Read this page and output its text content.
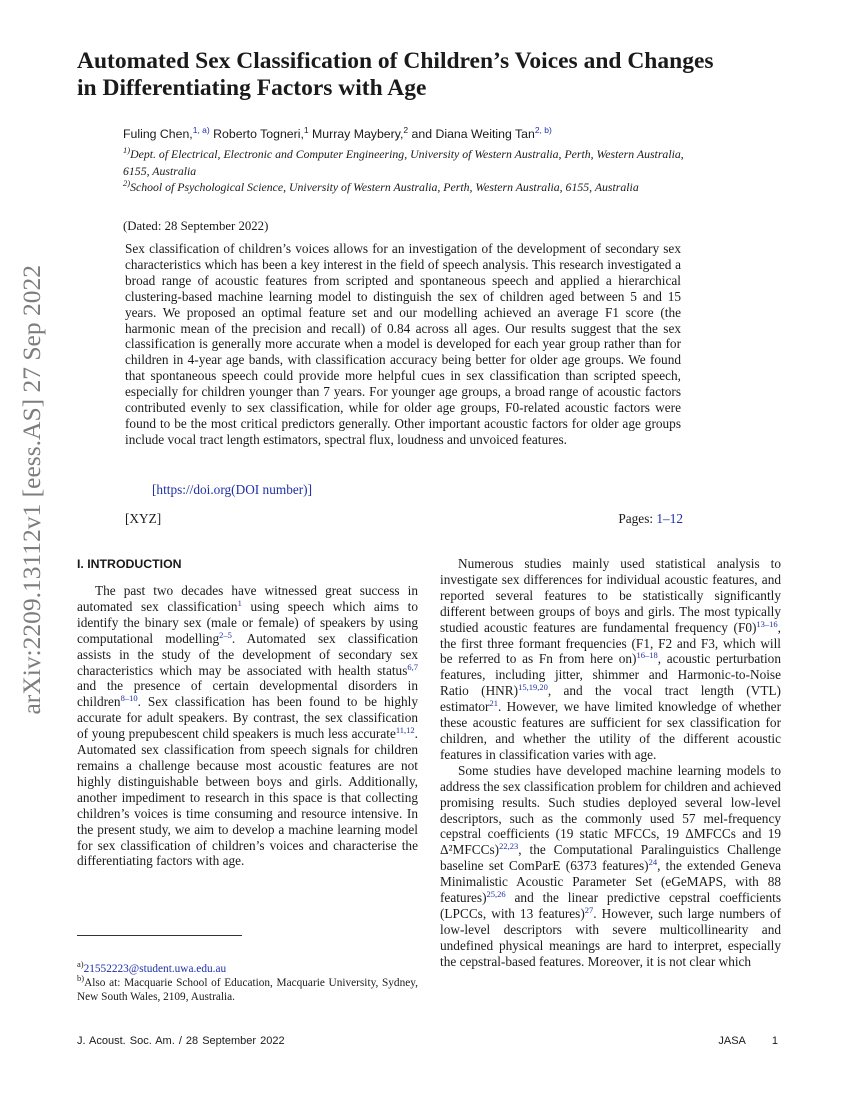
arXiv:2209.13112v1 [eess.AS] 27 Sep 2022
Automated Sex Classification of Children’s Voices and Changes in Differentiating Factors with Age
Fuling Chen,$^{1, a)}$ Roberto Togneri,$^1$ Murray Maybery,$^2$ and Diana Weiting Tan$^{2, b)}$
$^{1)}$Dept. of Electrical, Electronic and Computer Engineering, University of Western Australia, Perth, Western Australia, 6155, Australia
$^{2)}$School of Psychological Science, University of Western Australia, Perth, Western Australia, 6155, Australia
(Dated: 28 September 2022)

Sex classification of children’s voices allows for an investigation of the development of secondary sex characteristics which has been a key interest in the field of speech analysis. This research investigated a broad range of acoustic features from scripted and spontaneous speech and applied a hierarchical clustering-based machine learning model to distinguish the sex of children aged between 5 and 15 years. We proposed an optimal feature set and our modelling achieved an average F1 score (the harmonic mean of the precision and recall) of 0.84 across all ages. Our results suggest that the sex classification is generally more accurate when a model is developed for each year group rather than for children in 4-year age bands, with classification accuracy being better for older age groups. We found that spontaneous speech could provide more helpful cues in sex classification than scripted speech, especially for children younger than 7 years. For younger age groups, a broad range of acoustic factors contributed evenly to sex classification, while for older age groups, F0-related acoustic factors were found to be the most critical predictors generally. Other important acoustic factors for older age groups include vocal tract length estimators, spectral flux, loudness and unvoiced features.

[https://doi.org(DOI number)]
[XYZ]	Pages: 1–12
I. INTRODUCTION

The past two decades have witnessed great success in automated sex classification$^1$ using speech which aims to identify the binary sex (male or female) of speakers by using computational modelling$^{2-5}$. Automated sex classification assists in the study of the development of secondary sex characteristics which may be associated with health status$^{6,7}$ and the presence of certain developmental disorders in children$^{8-10}$. Sex classification has been found to be highly accurate for adult speakers. By contrast, the sex classification of young prepubescent child speakers is much less accurate$^{11,12}$. Automated sex classification from speech signals for children remains a challenge because most acoustic features are not highly distinguishable between boys and girls. Additionally, another impediment to research in this space is that collecting children’s voices is time consuming and resource intensive. In the present study, we aim to develop a machine learning model for sex classification of children’s voices and characterise the differentiating factors with age.

Numerous studies mainly used statistical analysis to investigate sex differences for individual acoustic features, and reported several features to be statistically significantly different between groups of boys and girls. The most typically studied acoustic features are fundamental frequency (F0)$^{13-16}$, the first three formant frequencies (F1, F2 and F3, which will be referred to as Fn from here on)$^{16-18}$, acoustic perturbation features, including jitter, shimmer and Harmonic-to-Noise Ratio (HNR)$^{15,19,20}$, and the vocal tract length (VTL) estimator$^{21}$. However, we have limited knowledge of whether these acoustic features are sufficient for sex classification for children, and whether the utility of the different acoustic features in classification varies with age.

Some studies have developed machine learning models to address the sex classification problem for children and achieved promising results. Such studies deployed several low-level descriptors, such as the commonly used 57 mel-frequency cepstral coefficients (19 static MFCCs, 19 ΔMFCCs and 19 Δ²MFCCs)$^{22,23}$, the Computational Paralinguistics Challenge baseline set ComParE (6373 features)$^{24}$, the extended Geneva Minimalistic Acoustic Parameter Set (eGeMAPS, with 88 features)$^{25,26}$ and the linear predictive cepstral coefficients (LPCCs, with 13 features)$^{27}$. However, such large numbers of low-level descriptors with severe multicollinearity and undefined physical meanings are hard to interpret, especially the cepstral-based features. Moreover, it is not clear which

$^{a)}$21552223@student.uwa.edu.au
$^{b)}$Also at: Macquarie School of Education, Macquarie University, Sydney, New South Wales, 2109, Australia.
J. Acoust. Soc. Am. / 28 September 2022	JASA 1
